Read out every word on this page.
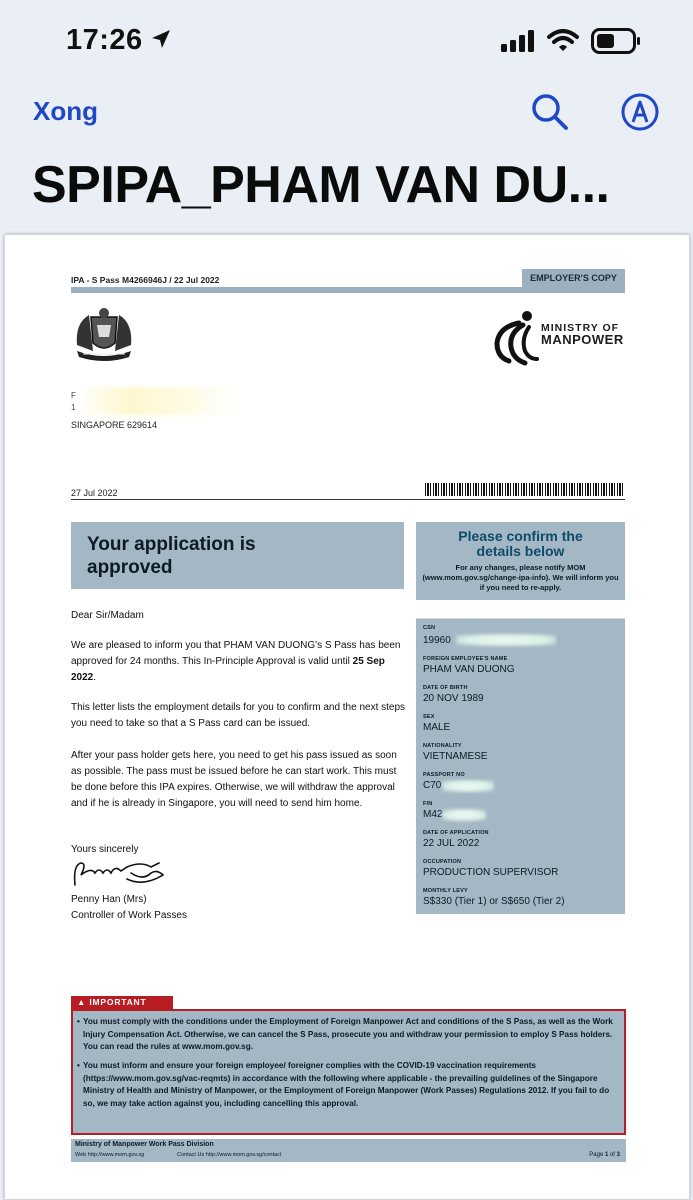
17:26
Xong
SPIPA_PHAM VAN DU...
IPA - S Pass M4266946J / 22 Jul 2022	EMPLOYER'S COPY
MINISTRY OF
MANPOWER
F
1
SINGAPORE 629614
27 Jul 2022
Your application is approved
Please confirm the details below
For any changes, please notify MOM (www.mom.gov.sg/change-ipa-info). We will inform you if you need to re-apply.
Dear Sir/Madam
We are pleased to inform you that PHAM VAN DUONG's S Pass has been approved for 24 months. This In-Principle Approval is valid until 25 Sep 2022.
This letter lists the employment details for you to confirm and the next steps you need to take so that a S Pass card can be issued.
After your pass holder gets here, you need to get his pass issued as soon as possible. The pass must be issued before he can start work. This must be done before this IPA expires. Otherwise, we will withdraw the approval and if he is already in Singapore, you will need to send him home.
Yours sincerely
Penny Han (Mrs)
Controller of Work Passes
CSN
19960
FOREIGN EMPLOYEE'S NAME
PHAM VAN DUONG
DATE OF BIRTH
20 NOV 1989
SEX
MALE
NATIONALITY
VIETNAMESE
PASSPORT NO
C70
FIN
M42
DATE OF APPLICATION
22 JUL 2022
OCCUPATION
PRODUCTION SUPERVISOR
MONTHLY LEVY
S$330 (Tier 1) or S$650 (Tier 2)
▲ IMPORTANT
• You must comply with the conditions under the Employment of Foreign Manpower Act and conditions of the S Pass, as well as the Work Injury Compensation Act. Otherwise, we can cancel the S Pass, prosecute you and withdraw your permission to employ S Pass holders. You can read the rules at www.mom.gov.sg.
• You must inform and ensure your foreign employee/ foreigner complies with the COVID-19 vaccination requirements (https://www.mom.gov.sg/vac-reqmts) in accordance with the following where applicable - the prevailing guidelines of the Singapore Ministry of Health and Ministry of Manpower, or the Employment of Foreign Manpower (Work Passes) Regulations 2012. If you fail to do so, we may take action against you, including cancelling this approval.
Ministry of Manpower Work Pass Division
Web http://www.mom.gov.sg	Contact Us http://www.mom.gov.sg/contact	Page 1 of 3
